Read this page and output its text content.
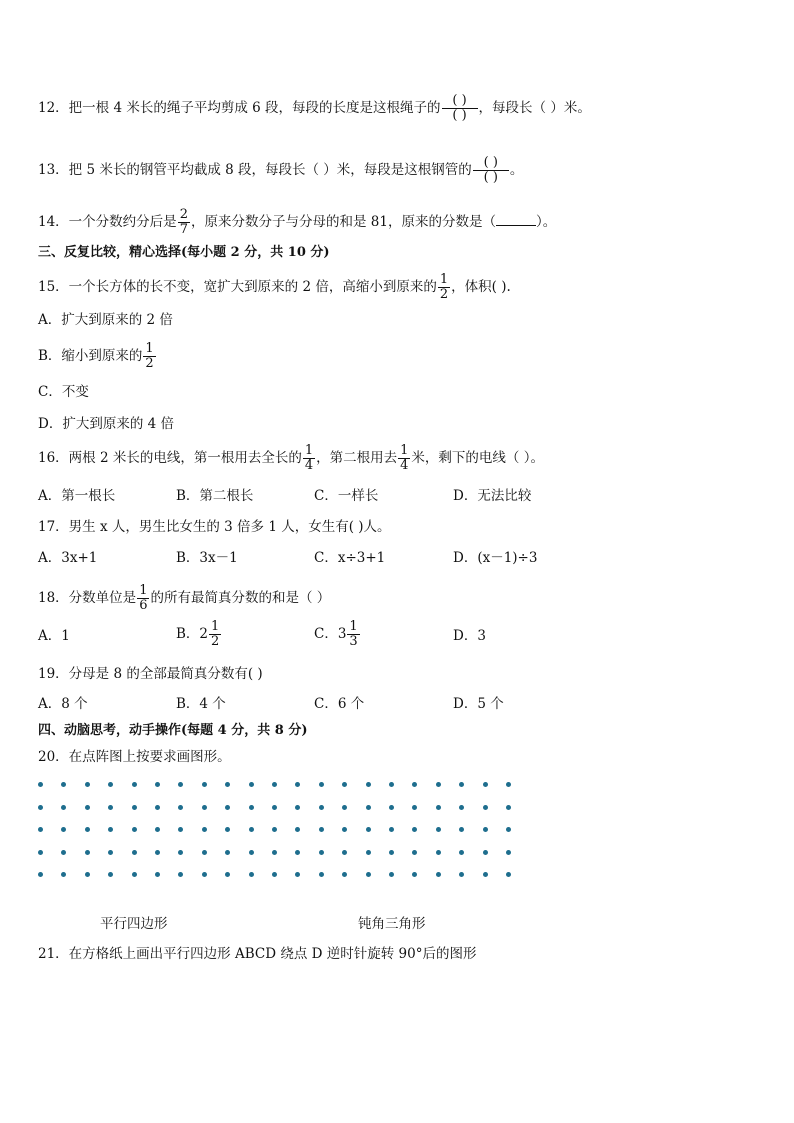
12．把一根 4 米长的绳子平均剪成 6 段，每段的长度是这根绳子的 $\frac{( )}{( )}$ ，每段长（ ）米。
13．把 5 米长的钢管平均截成 8 段，每段长（ ）米，每段是这根钢管的 $\frac{( )}{( )}$ 。
14．一个分数约分后是 $\frac{2}{7}$ ，原来分数分子与分母的和是 81，原来的分数是（	）。
三、反复比较，精心选择(每小题 2 分，共 10 分)
15．一个长方体的长不变，宽扩大到原来的 2 倍，高缩小到原来的 $\frac{1}{2}$ ，体积( ).
A．扩大到原来的 2 倍
B．缩小到原来的 $\frac{1}{2}$
C．不变
D．扩大到原来的 4 倍
16．两根 2 米长的电线，第一根用去全长的 $\frac{1}{4}$ ，第二根用去 $\frac{1}{4}$ 米，剩下的电线（ ）。
A．第一根长	B．第二根长	C．一样长	D．无法比较
17．男生 x 人，男生比女生的 3 倍多 1 人，女生有( )人。
A．3x+1	B．3x－1	C．x÷3+1	D．(x－1)÷3
18．分数单位是 $\frac{1}{6}$ 的所有最简真分数的和是（ ）
A．1	B．$2 \frac{1}{2}$	C．$3 \frac{1}{3}$	D．3
19．分母是 8 的全部最简真分数有( )
A．8 个	B．4 个	C．6 个	D．5 个
四、动脑思考，动手操作(每题 4 分，共 8 分)
20．在点阵图上按要求画图形。
平行四边形	钝角三角形
21．在方格纸上画出平行四边形 ABCD 绕点 D 逆时针旋转 90°后的图形
